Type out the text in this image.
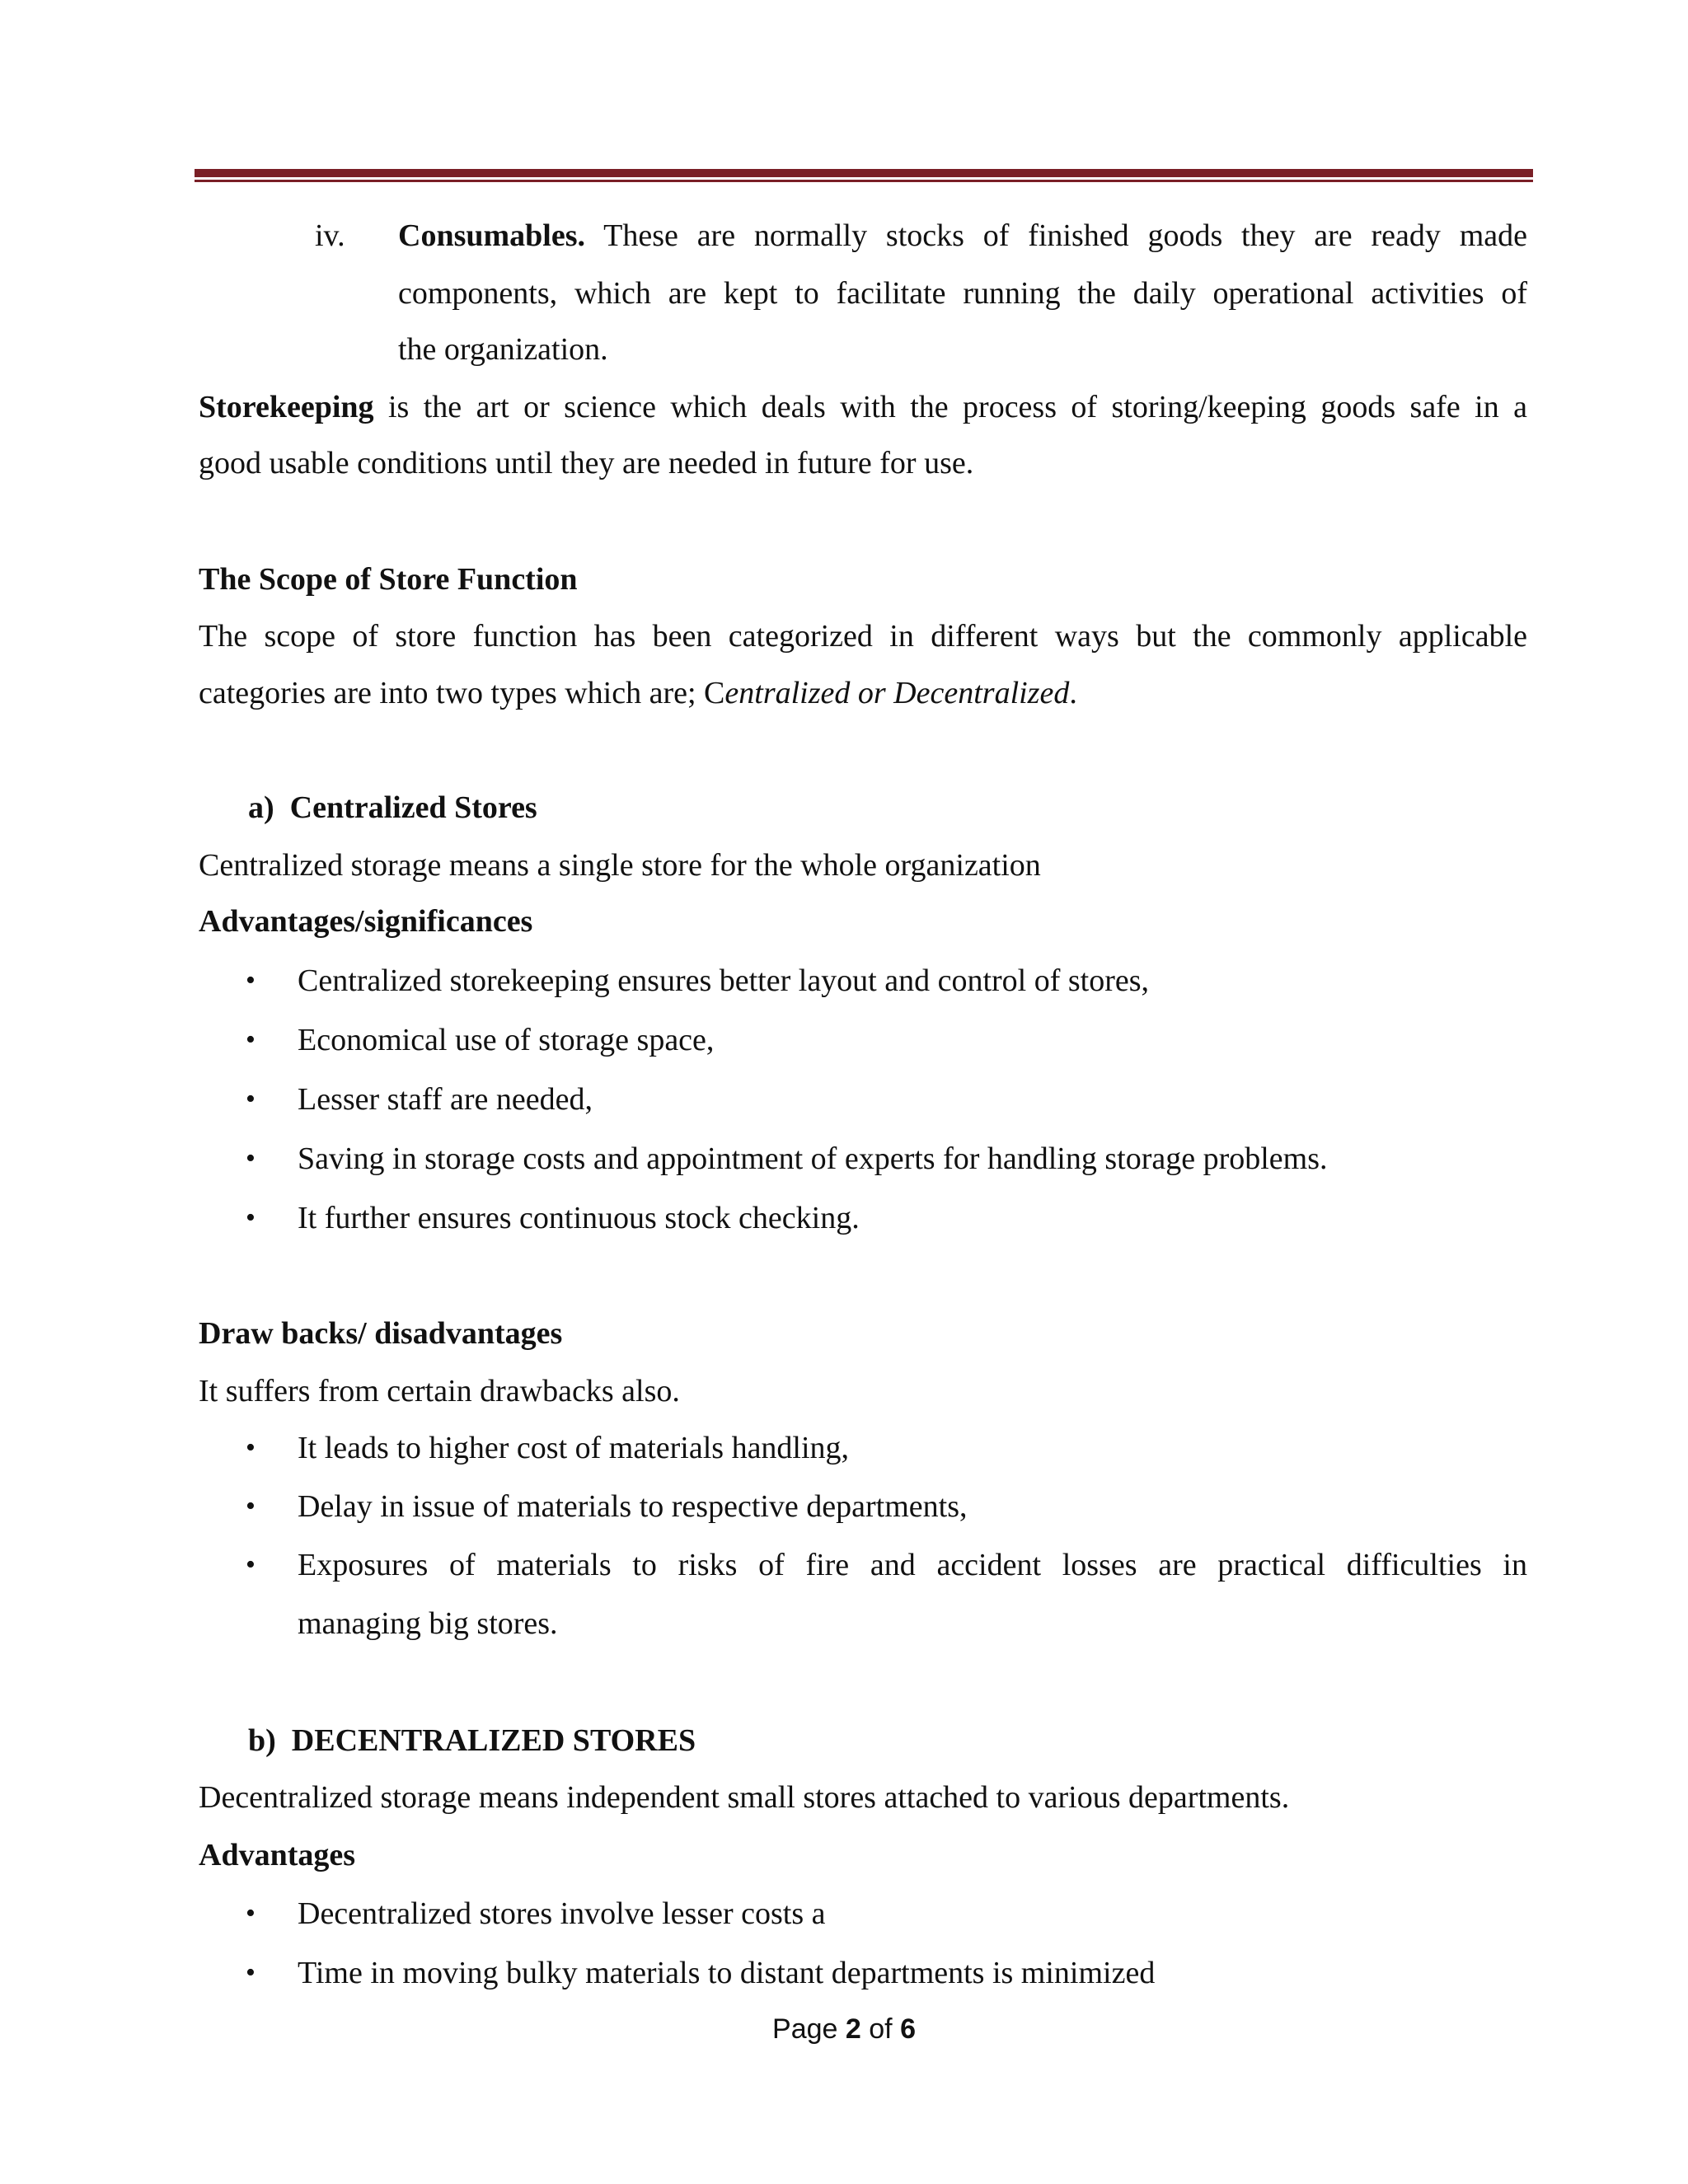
iv. Consumables. These are normally stocks of finished goods they are ready made
components, which are kept to facilitate running the daily operational activities of
the organization.
Storekeeping is the art or science which deals with the process of storing/keeping goods safe in a
good usable conditions until they are needed in future for use.
The Scope of Store Function
The scope of store function has been categorized in different ways but the commonly applicable
categories are into two types which are; Centralized or Decentralized.
a)  Centralized Stores
Centralized storage means a single store for the whole organization
Advantages/significances
• Centralized storekeeping ensures better layout and control of stores,
• Economical use of storage space,
• Lesser staff are needed,
• Saving in storage costs and appointment of experts for handling storage problems.
• It further ensures continuous stock checking.
Draw backs/ disadvantages
It suffers from certain drawbacks also.
• It leads to higher cost of materials handling,
• Delay in issue of materials to respective departments,
• Exposures of materials to risks of fire and accident losses are practical difficulties in
managing big stores.
b)  DECENTRALIZED STORES
Decentralized storage means independent small stores attached to various departments.
Advantages
• Decentralized stores involve lesser costs a
• Time in moving bulky materials to distant departments is minimized
Page 2 of 6
